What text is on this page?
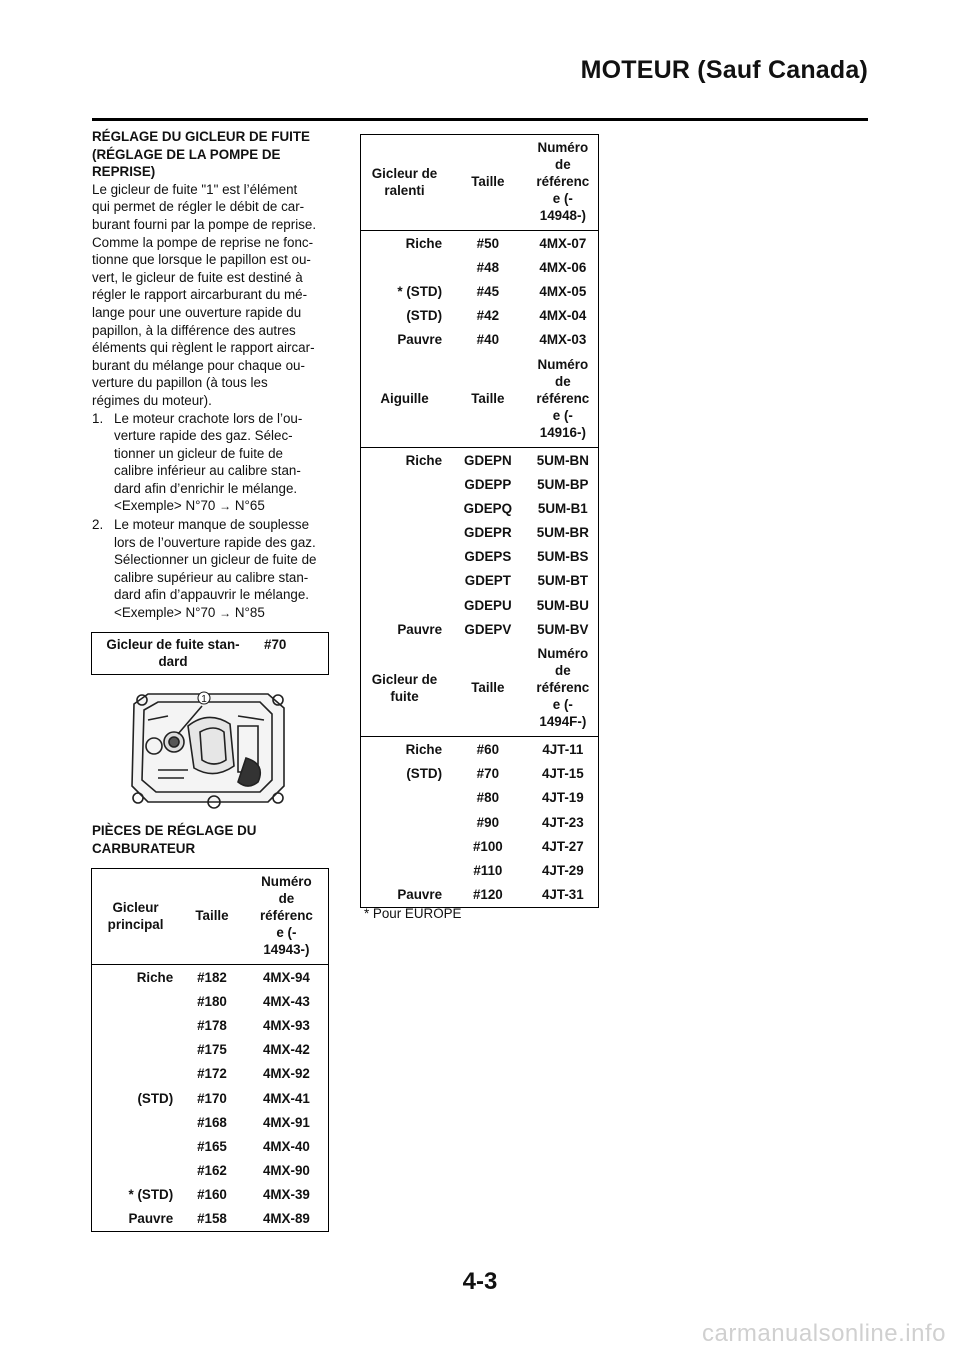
MOTEUR (Sauf Canada)

RÉGLAGE DU GICLEUR DE FUITE
(RÉGLAGE DE LA POMPE DE
REPRISE)

Le gicleur de fuite "1" est l’élément
qui permet de régler le débit de car-
burant fourni par la pompe de reprise.
Comme la pompe de reprise ne fonc-
tionne que lorsque le papillon est ou-
vert, le gicleur de fuite est destiné à
régler le rapport aircarburant du mé-
lange pour une ouverture rapide du
papillon, à la différence des autres
éléments qui règlent le rapport aircar-
burant du mélange pour chaque ou-
verture du papillon (à tous les
régimes du moteur).

1. Le moteur crachote lors de l’ou-
verture rapide des gaz. Sélec-
tionner un gicleur de fuite de
calibre inférieur au calibre stan-
dard afin d’enrichir le mélange.
<Exemple> N°70 → N°65
2. Le moteur manque de souplesse
lors de l’ouverture rapide des gaz.
Sélectionner un gicleur de fuite de
calibre supérieur au calibre stan-
dard afin d’appauvrir le mélange.
<Exemple> N°70 → N°85
Gicleur de fuite stan-
dard
#70
1
PIÈCES DE RÉGLAGE DU
CARBURATEUR
Gicleur
principal	Taille	Numéro
de
référenc
e (-
14943-)
Riche	#182	4MX-94
	#180	4MX-43
	#178	4MX-93
	#175	4MX-42
	#172	4MX-92
(STD)	#170	4MX-41
	#168	4MX-91
	#165	4MX-40
	#162	4MX-90
* (STD)	#160	4MX-39
Pauvre	#158	4MX-89
Gicleur de
ralenti	Taille	Numéro
de
référenc
e (-
14948-)
Riche	#50	4MX-07
	#48	4MX-06
* (STD)	#45	4MX-05
(STD)	#42	4MX-04
Pauvre	#40	4MX-03
Aiguille	Taille	Numéro
de
référenc
e (-
14916-)
Riche	GDEPN	5UM-BN
	GDEPP	5UM-BP
	GDEPQ	5UM-B1
	GDEPR	5UM-BR
	GDEPS	5UM-BS
	GDEPT	5UM-BT
	GDEPU	5UM-BU
Pauvre	GDEPV	5UM-BV
Gicleur de
fuite	Taille	Numéro
de
référenc
e (-
1494F-)
Riche	#60	4JT-11
(STD)	#70	4JT-15
	#80	4JT-19
	#90	4JT-23
	#100	4JT-27
	#110	4JT-29
Pauvre	#120	4JT-31
* Pour EUROPE
4-3
carmanualsonline.info
